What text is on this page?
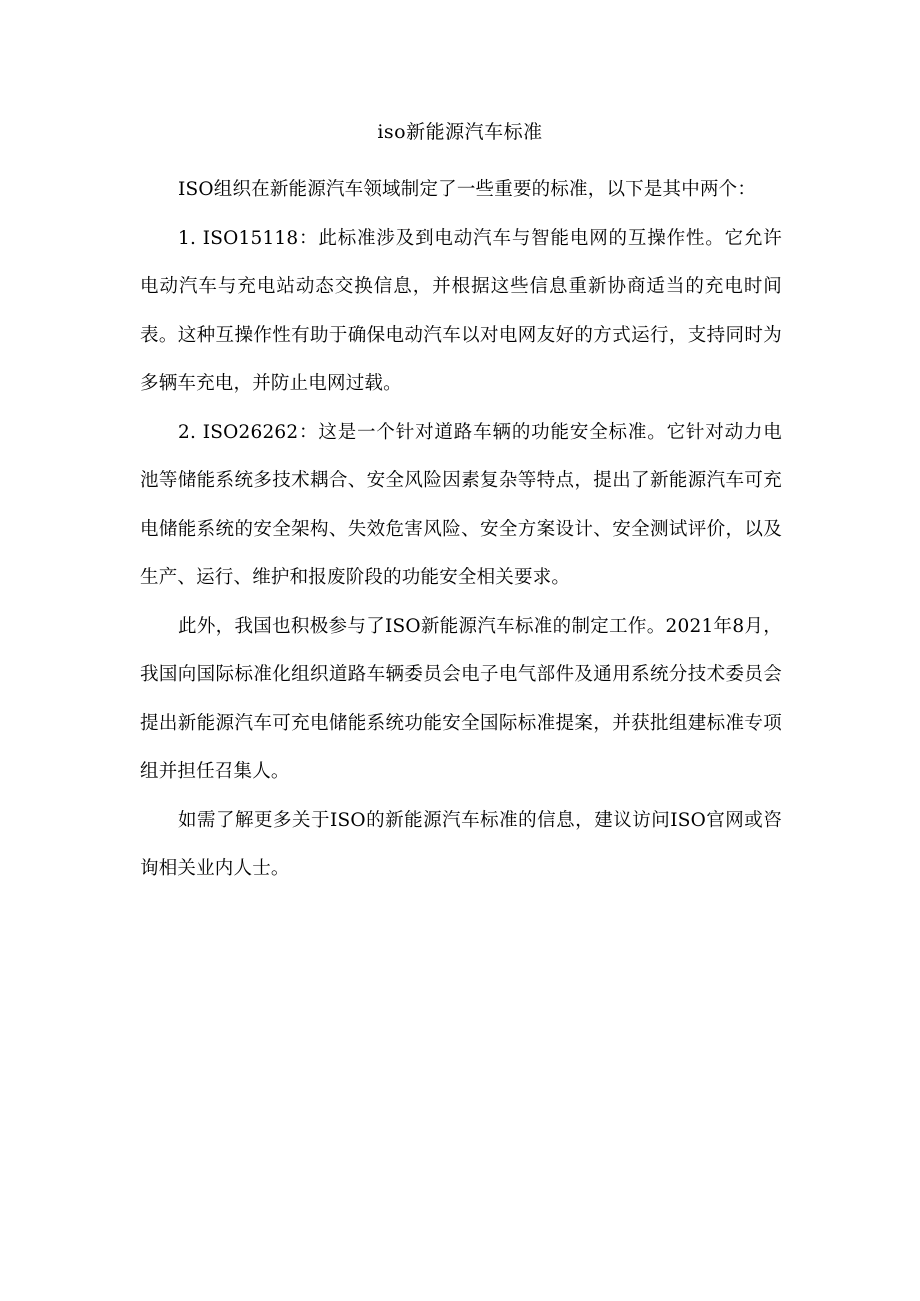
iso新能源汽车标准

ISO组织在新能源汽车领域制定了一些重要的标准，以下是其中两个：

1. ISO15118：此标准涉及到电动汽车与智能电网的互操作性。它允许电动汽车与充电站动态交换信息，并根据这些信息重新协商适当的充电时间表。这种互操作性有助于确保电动汽车以对电网友好的方式运行，支持同时为多辆车充电，并防止电网过载。

2. ISO26262：这是一个针对道路车辆的功能安全标准。它针对动力电池等储能系统多技术耦合、安全风险因素复杂等特点，提出了新能源汽车可充电储能系统的安全架构、失效危害风险、安全方案设计、安全测试评价，以及生产、运行、维护和报废阶段的功能安全相关要求。

此外，我国也积极参与了ISO新能源汽车标准的制定工作。2021年8月，我国向国际标准化组织道路车辆委员会电子电气部件及通用系统分技术委员会提出新能源汽车可充电储能系统功能安全国际标准提案，并获批组建标准专项组并担任召集人。

如需了解更多关于ISO的新能源汽车标准的信息，建议访问ISO官网或咨询相关业内人士。
